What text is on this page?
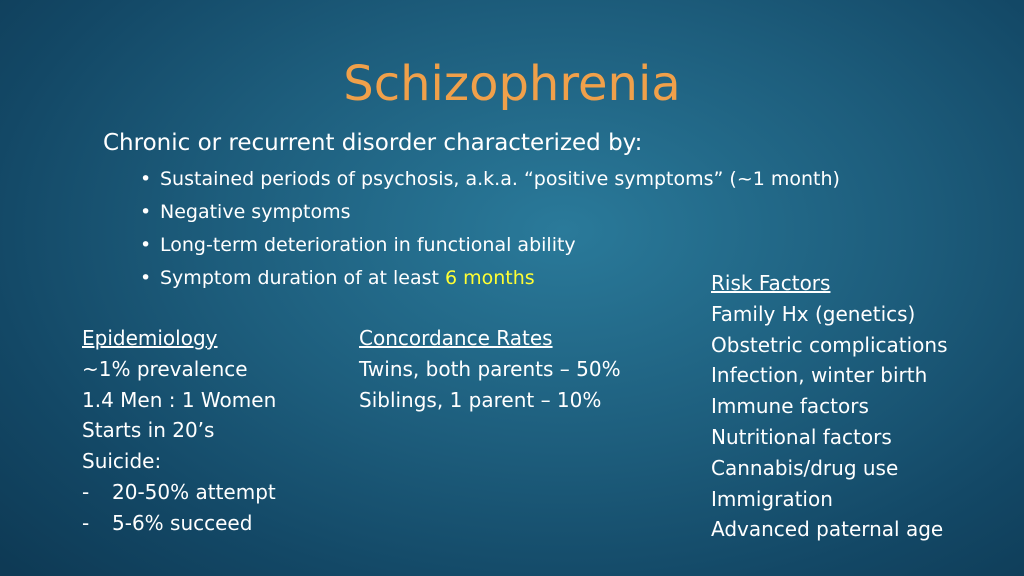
Schizophrenia
Chronic or recurrent disorder characterized by:
• Sustained periods of psychosis, a.k.a. “positive symptoms” (~1 month)
• Negative symptoms
• Long-term deterioration in functional ability
• Symptom duration of at least 6 months
Epidemiology
~1% prevalence
1.4 Men : 1 Women
Starts in 20’s
Suicide:
- 20-50% attempt
- 5-6% succeed
Concordance Rates
Twins, both parents – 50%
Siblings, 1 parent – 10%
Risk Factors
Family Hx (genetics)
Obstetric complications
Infection, winter birth
Immune factors
Nutritional factors
Cannabis/drug use
Immigration
Advanced paternal age
